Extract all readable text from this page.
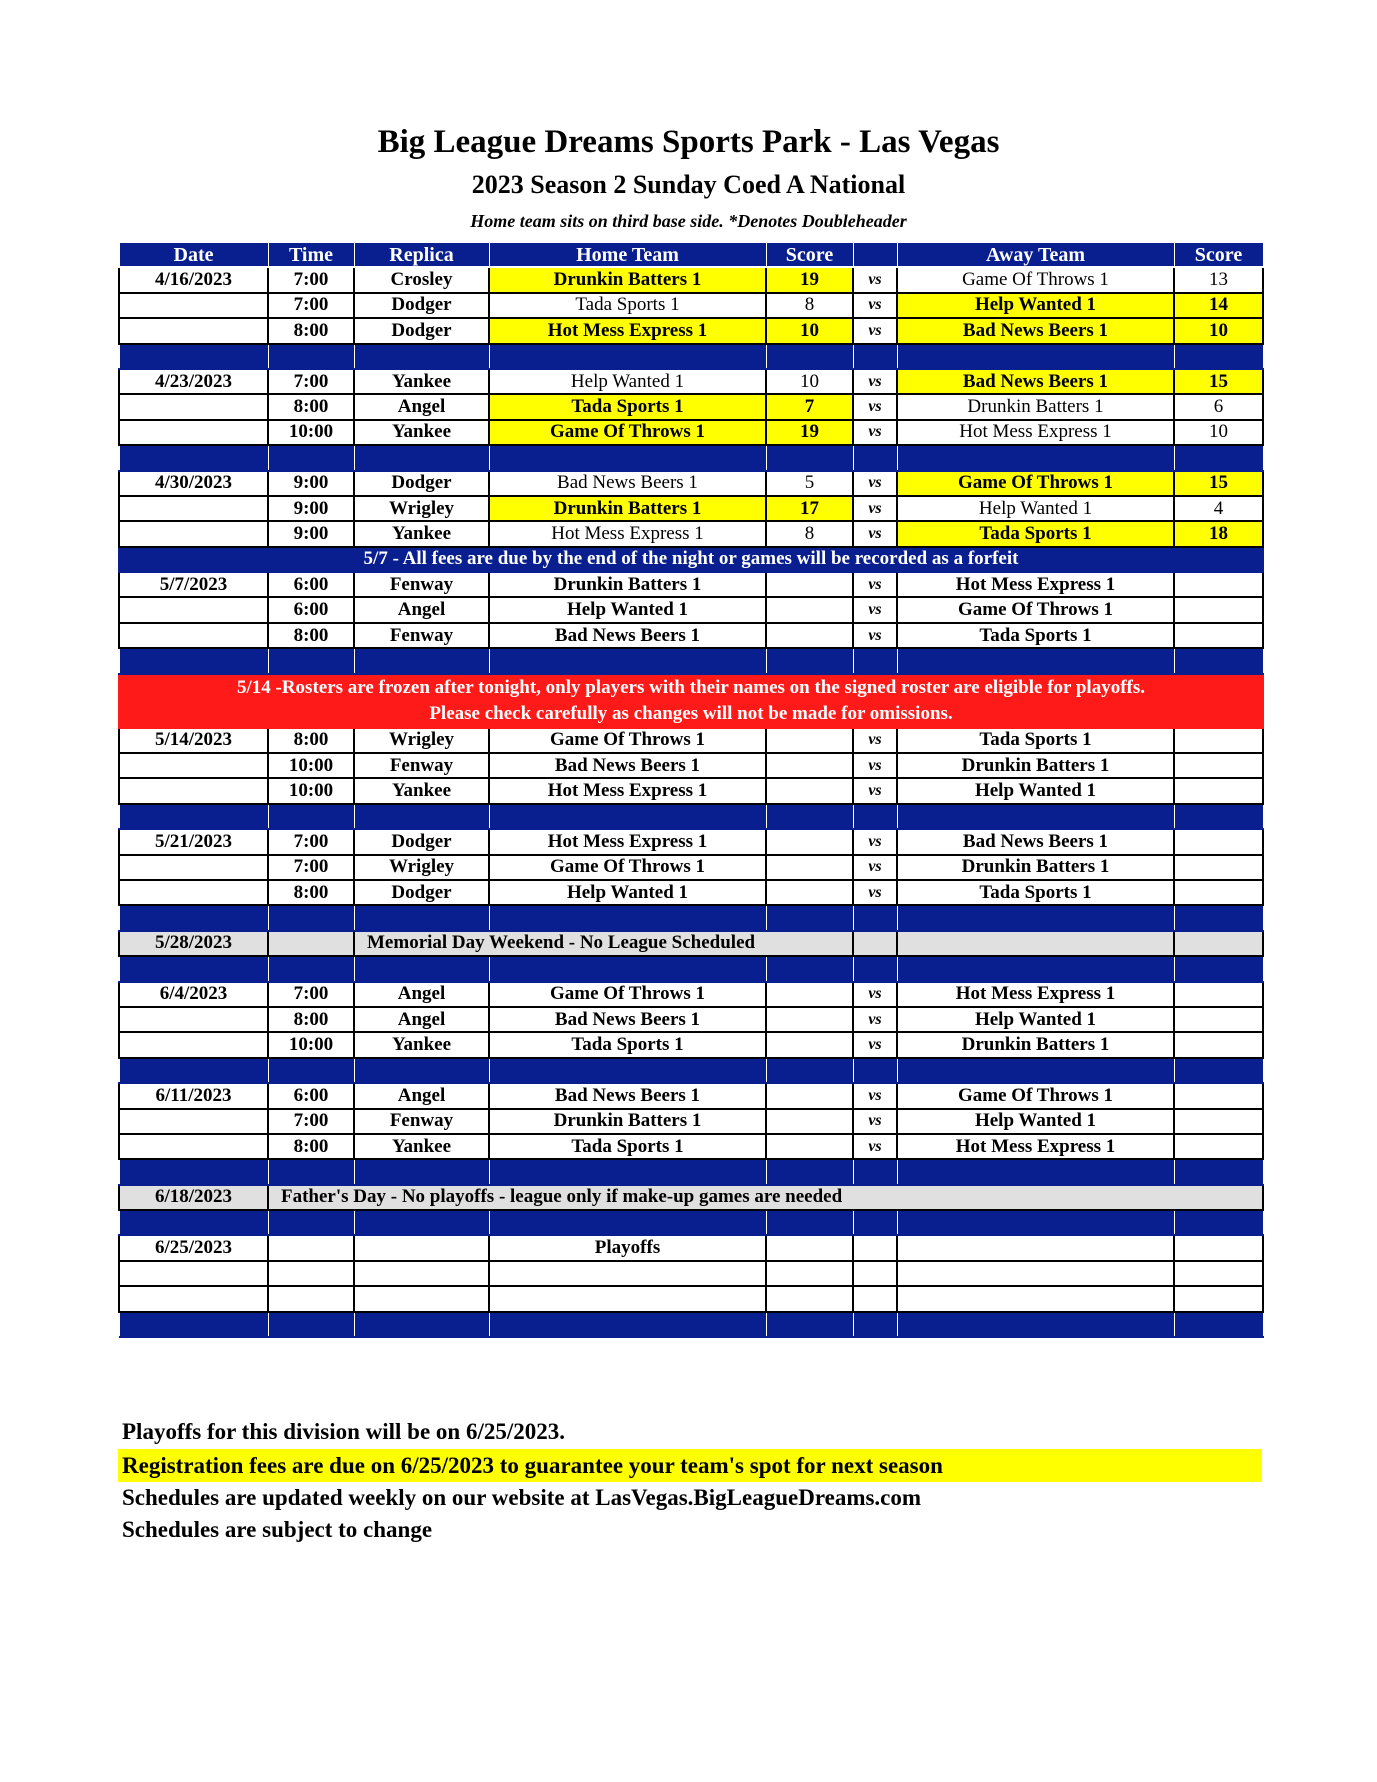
Big League Dreams Sports Park - Las Vegas
2023 Season 2 Sunday Coed A National

Home team sits on third base side. *Denotes Doubleheader

Date	Time	Replica	Home Team	Score		Away Team	Score
4/16/2023	7:00	Crosley	Drunkin Batters 1	19	vs	Game Of Throws 1	13
	7:00	Dodger	Tada Sports 1	8	vs	Help Wanted 1	14
	8:00	Dodger	Hot Mess Express 1	10	vs	Bad News Beers 1	10

4/23/2023	7:00	Yankee	Help Wanted 1	10	vs	Bad News Beers 1	15
	8:00	Angel	Tada Sports 1	7	vs	Drunkin Batters 1	6
	10:00	Yankee	Game Of Throws 1	19	vs	Hot Mess Express 1	10

4/30/2023	9:00	Dodger	Bad News Beers 1	5	vs	Game Of Throws 1	15
	9:00	Wrigley	Drunkin Batters 1	17	vs	Help Wanted 1	4
	9:00	Yankee	Hot Mess Express 1	8	vs	Tada Sports 1	18
5/7 - All fees are due by the end of the night or games will be recorded as a forfeit							
5/7/2023	6:00	Fenway	Drunkin Batters 1		vs	Hot Mess Express 1	
	6:00	Angel	Help Wanted 1		vs	Game Of Throws 1	
	8:00	Fenway	Bad News Beers 1		vs	Tada Sports 1	

5/14 -Rosters are frozen after tonight, only players with their names on the signed roster are eligible for playoffs.
Please check carefully as changes will not be made for omissions.							

5/14/2023	8:00	Wrigley	Game Of Throws 1		vs	Tada Sports 1	
	10:00	Fenway	Bad News Beers 1		vs	Drunkin Batters 1	
	10:00	Yankee	Hot Mess Express 1		vs	Help Wanted 1	

5/21/2023	7:00	Dodger	Hot Mess Express 1		vs	Bad News Beers 1	
	7:00	Wrigley	Game Of Throws 1		vs	Drunkin Batters 1	
	8:00	Dodger	Help Wanted 1		vs	Tada Sports 1	

5/28/2023		Memorial Day Weekend - No League Scheduled					

6/4/2023	7:00	Angel	Game Of Throws 1		vs	Hot Mess Express 1	
	8:00	Angel	Bad News Beers 1		vs	Help Wanted 1	
	10:00	Yankee	Tada Sports 1		vs	Drunkin Batters 1	

6/11/2023	6:00	Angel	Bad News Beers 1		vs	Game Of Throws 1	
	7:00	Fenway	Drunkin Batters 1		vs	Help Wanted 1	
	8:00	Yankee	Tada Sports 1		vs	Hot Mess Express 1	

6/18/2023	Father's Day - No playoffs - league only if make-up games are needed						

6/25/2023			Playoffs				

Playoffs for this division will be on 6/25/2023.

Registration fees are due on 6/25/2023 to guarantee your team's spot for next season

Schedules are updated weekly on our website at LasVegas.BigLeagueDreams.com

Schedules are subject to change
